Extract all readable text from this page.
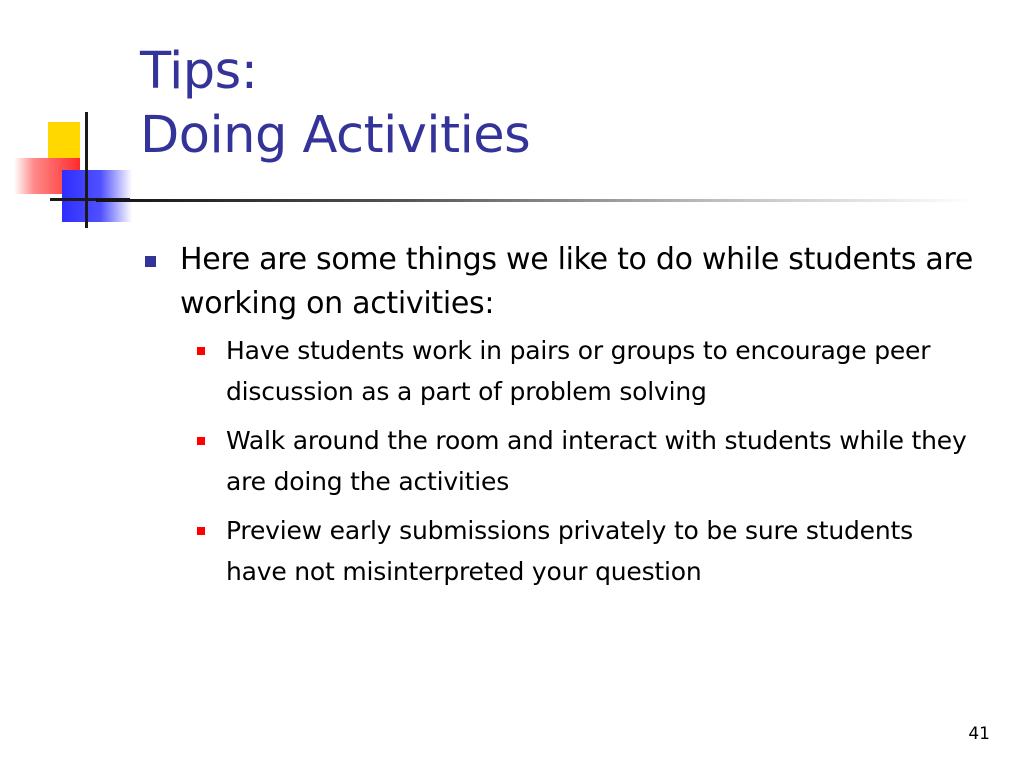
Tips:
Doing Activities
Here are some things we like to do while students are working on activities:
Have students work in pairs or groups to encourage peer discussion as a part of problem solving
Walk around the room and interact with students while they are doing the activities
Preview early submissions privately to be sure students have not misinterpreted your question
41
